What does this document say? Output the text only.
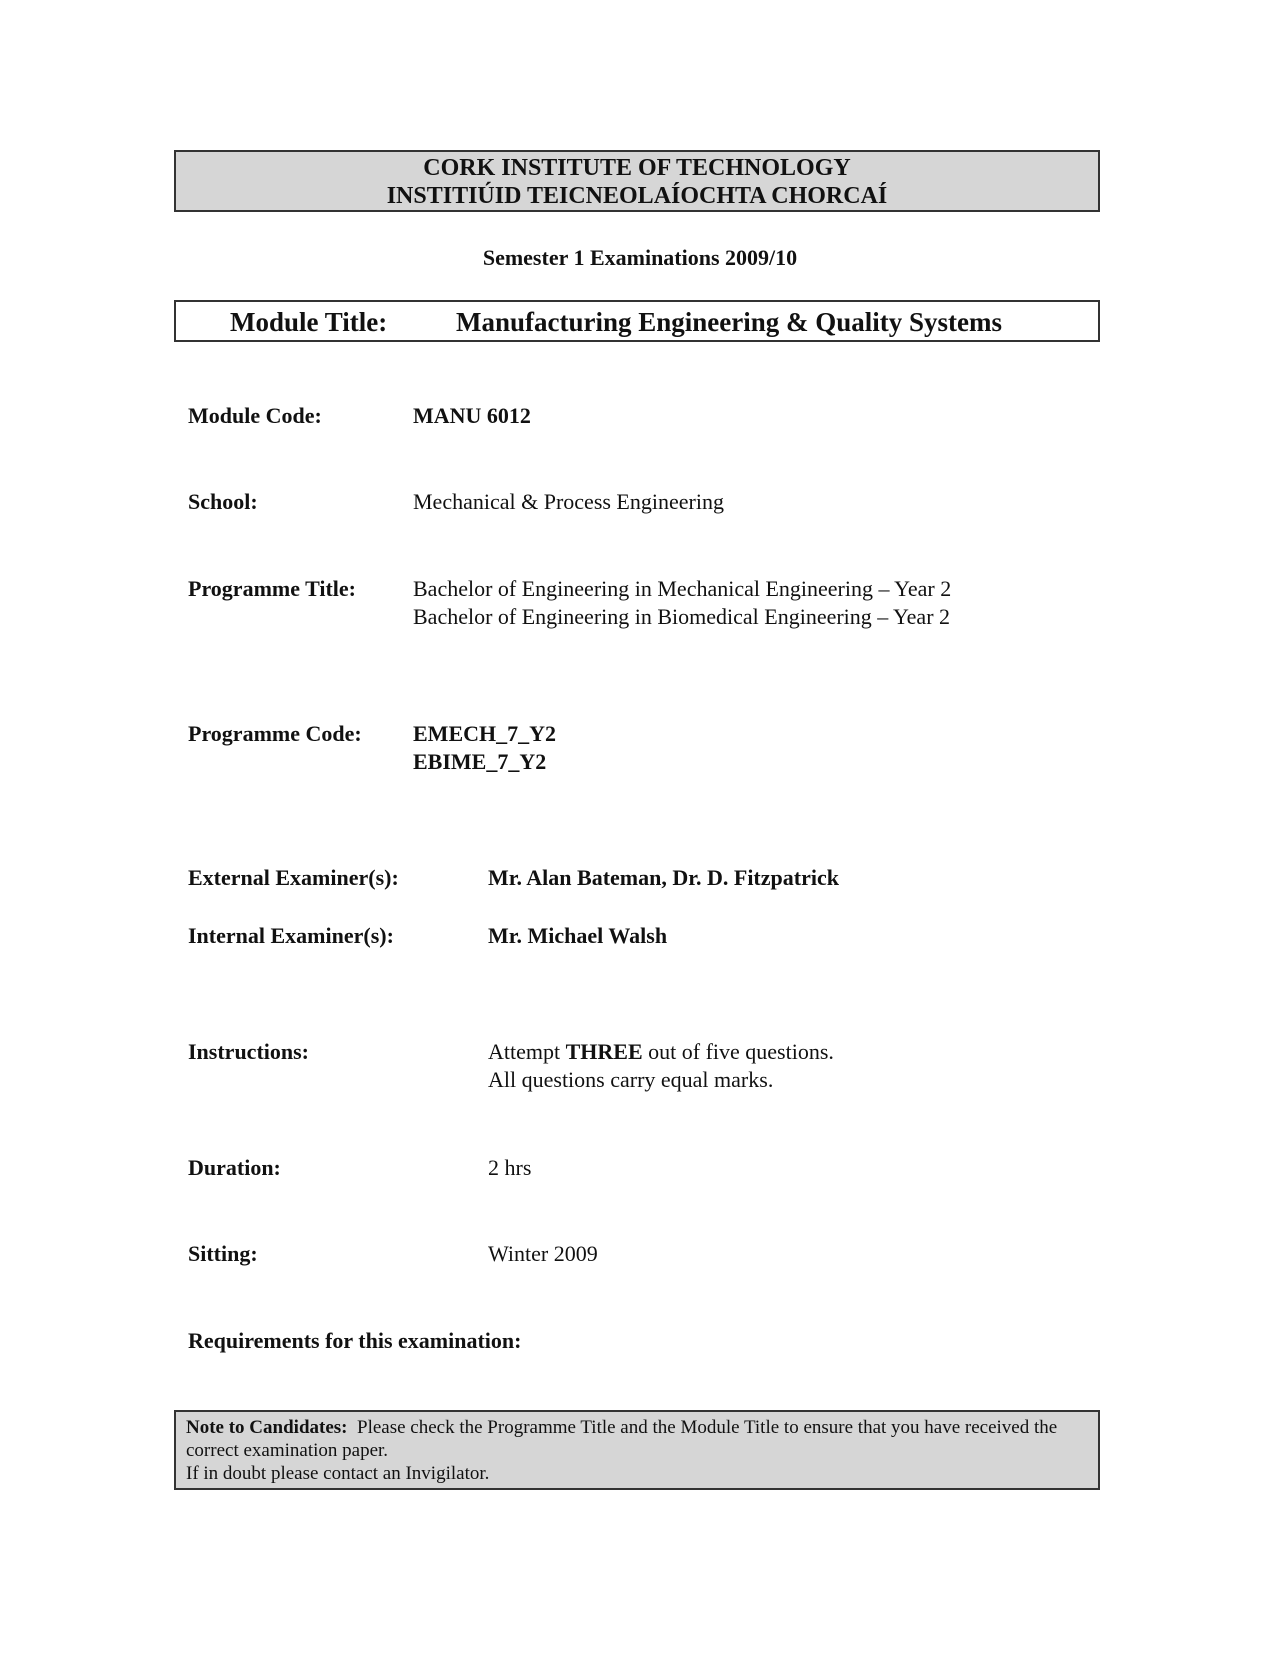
CORK INSTITUTE OF TECHNOLOGY
INSTITIÚID TEICNEOLAÍOCHTA CHORCAÍ
Semester 1 Examinations 2009/10
Module Title:	Manufacturing Engineering & Quality Systems
Module Code:	MANU 6012
School:	Mechanical & Process Engineering
Programme Title:	Bachelor of Engineering in Mechanical Engineering – Year 2
Bachelor of Engineering in Biomedical Engineering – Year 2
Programme Code: EMECH_7_Y2
EBIME_7_Y2
External Examiner(s):	Mr. Alan Bateman, Dr. D. Fitzpatrick
Internal Examiner(s):	Mr. Michael Walsh
Instructions:	Attempt THREE out of five questions.
All questions carry equal marks.
Duration:	2 hrs
Sitting:	Winter 2009
Requirements for this examination:
Note to Candidates:  Please check the Programme Title and the Module Title to ensure that you have received the correct examination paper.
If in doubt please contact an Invigilator.
